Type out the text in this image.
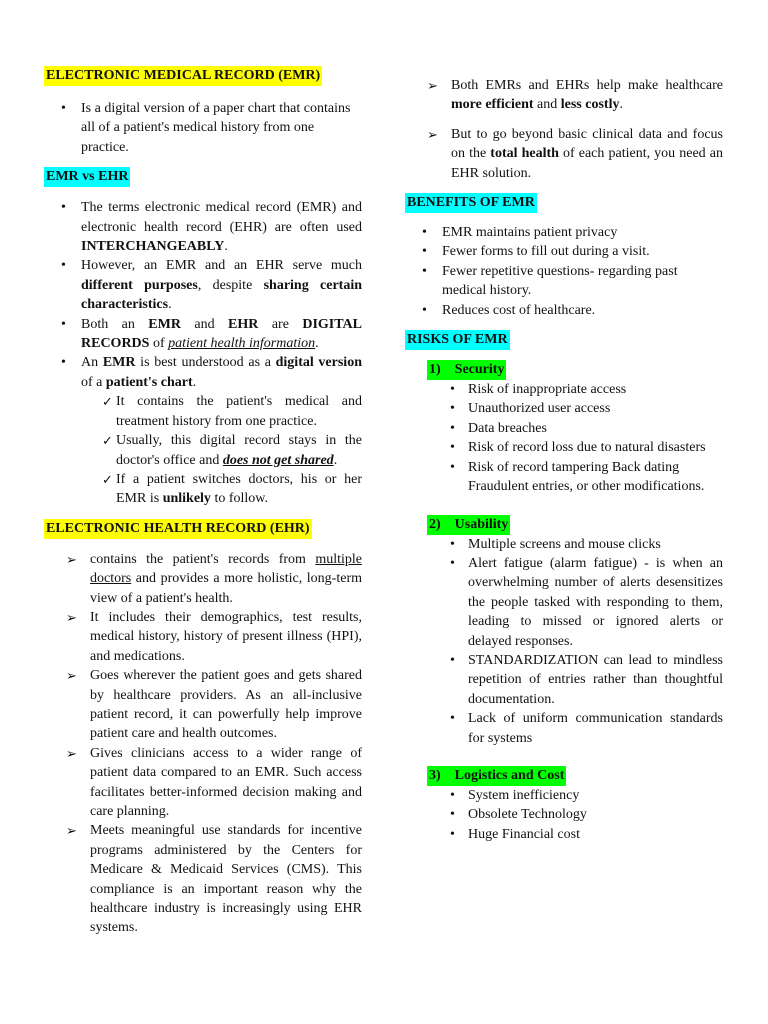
ELECTRONIC MEDICAL RECORD (EMR)
• Is a digital version of a paper chart that contains all of a patient's medical history from one practice.
EMR vs EHR
• The terms electronic medical record (EMR) and electronic health record (EHR) are often used INTERCHANGEABLY.
• However, an EMR and an EHR serve much different purposes, despite sharing certain characteristics.
• Both an EMR and EHR are DIGITAL RECORDS of patient health information.
• An EMR is best understood as a digital version of a patient's chart.
✓ It contains the patient's medical and treatment history from one practice.
✓ Usually, this digital record stays in the doctor's office and does not get shared.
✓ If a patient switches doctors, his or her EMR is unlikely to follow.
ELECTRONIC HEALTH RECORD (EHR)
➢ contains the patient's records from multiple doctors and provides a more holistic, long-term view of a patient's health.
➢ It includes their demographics, test results, medical history, history of present illness (HPI), and medications.
➢ Goes wherever the patient goes and gets shared by healthcare providers. As an all-inclusive patient record, it can powerfully help improve patient care and health outcomes.
➢ Gives clinicians access to a wider range of patient data compared to an EMR. Such access facilitates better-informed decision making and care planning.
➢ Meets meaningful use standards for incentive programs administered by the Centers for Medicare & Medicaid Services (CMS). This compliance is an important reason why the healthcare industry is increasingly using EHR systems.
➢ Both EMRs and EHRs help make healthcare more efficient and less costly.
➢ But to go beyond basic clinical data and focus on the total health of each patient, you need an EHR solution.
BENEFITS OF EMR
• EMR maintains patient privacy
• Fewer forms to fill out during a visit.
• Fewer repetitive questions- regarding past medical history.
• Reduces cost of healthcare.
RISKS OF EMR
1) Security
• Risk of inappropriate access
• Unauthorized user access
• Data breaches
• Risk of record loss due to natural disasters
• Risk of record tampering Back dating Fraudulent entries, or other modifications.
2) Usability
• Multiple screens and mouse clicks
• Alert fatigue (alarm fatigue) - is when an overwhelming number of alerts desensitizes the people tasked with responding to them, leading to missed or ignored alerts or delayed responses.
• STANDARDIZATION can lead to mindless repetition of entries rather than thoughtful documentation.
• Lack of uniform communication standards for systems
3) Logistics and Cost
• System inefficiency
• Obsolete Technology
• Huge Financial cost
